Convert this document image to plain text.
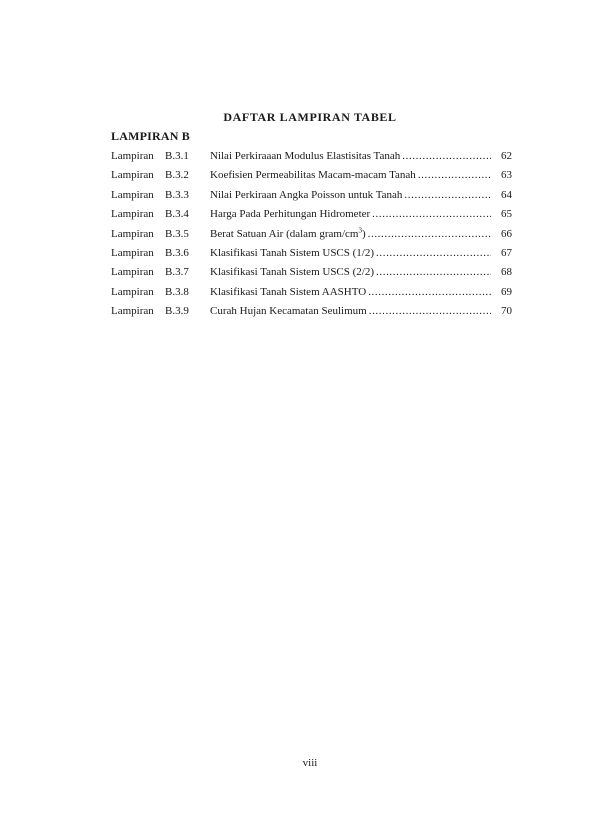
DAFTAR LAMPIRAN TABEL
LAMPIRAN B
Lampiran B.3.1 Nilai Perkiraaan Modulus Elastisitas Tanah .....	62
Lampiran B.3.2 Koefisien Permeabilitas Macam-macam Tanah .....	63
Lampiran B.3.3 Nilai Perkiraan Angka Poisson untuk Tanah .....	64
Lampiran B.3.4 Harga Pada Perhitungan Hidrometer .....	65
Lampiran B.3.5 Berat Satuan Air (dalam gram/$cm^3$) .....	66
Lampiran B.3.6 Klasifikasi Tanah Sistem USCS (1/2) .....	67
Lampiran B.3.7 Klasifikasi Tanah Sistem USCS (2/2) .....	68
Lampiran B.3.8 Klasifikasi Tanah Sistem AASHTO .....	69
Lampiran B.3.9 Curah Hujan Kecamatan Seulimum .....	70
viii
